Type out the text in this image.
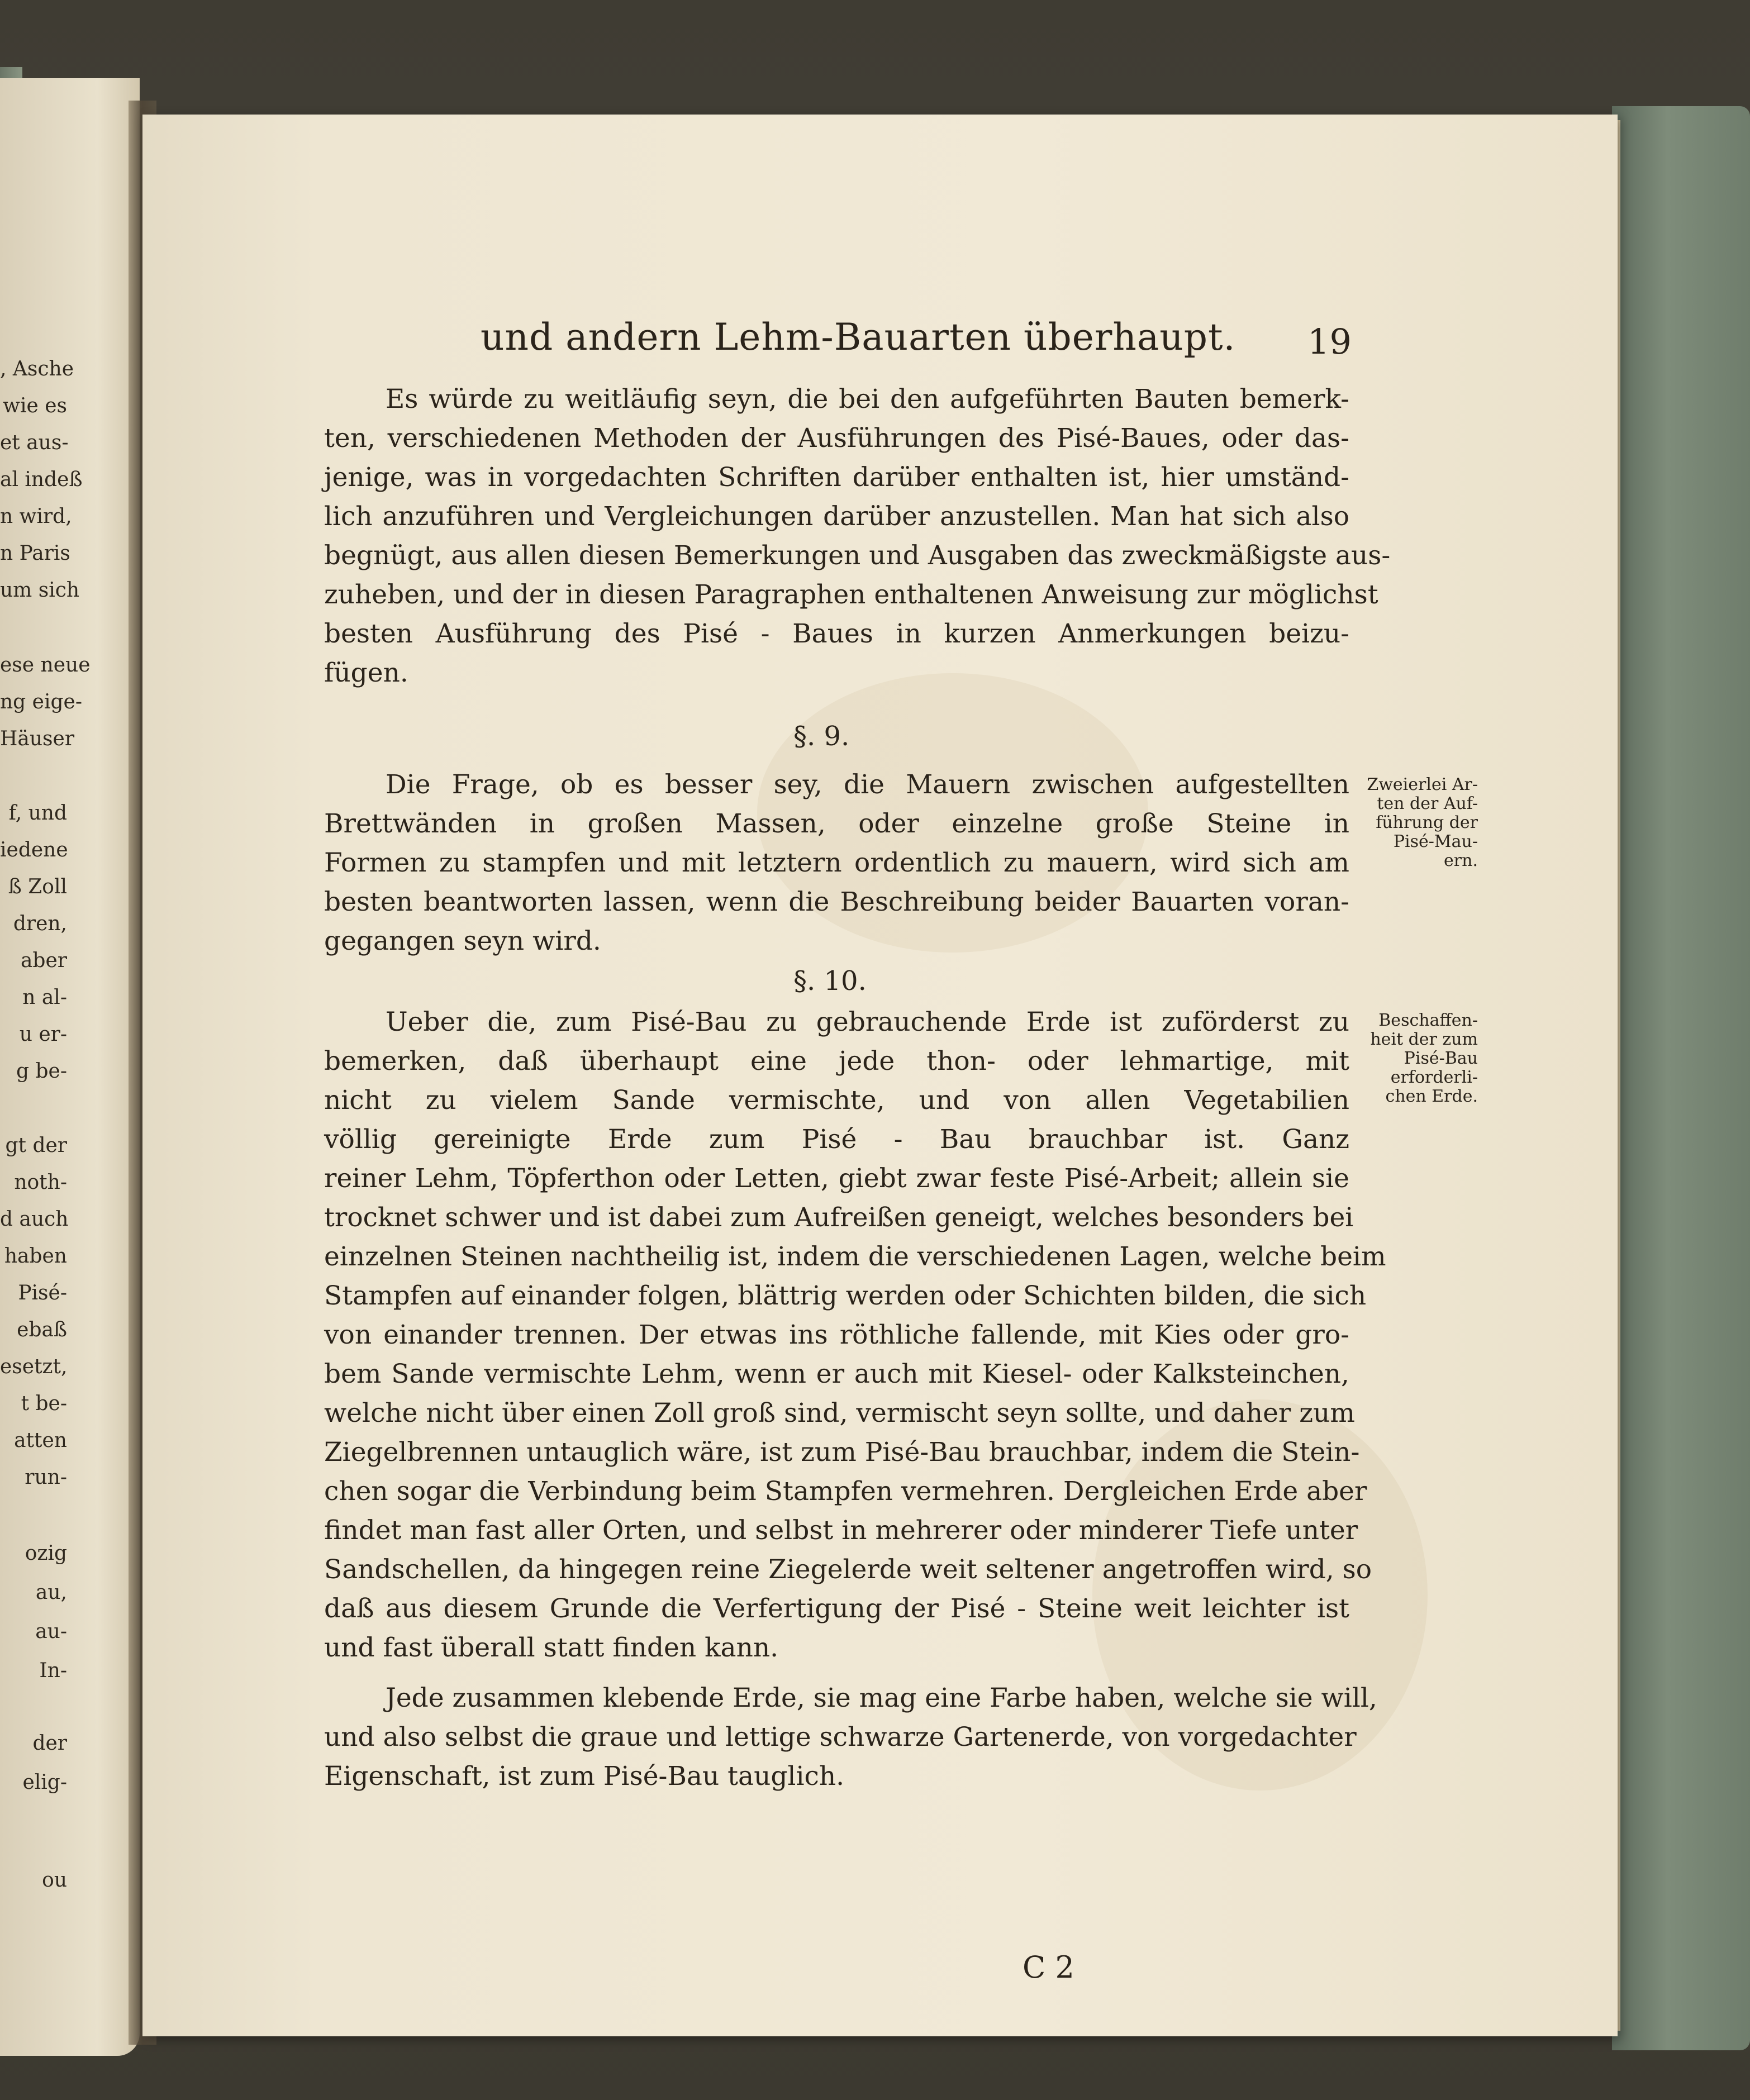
, Asche
wie es
et aus-
al indeß
n wird,
n Paris
um sich
ese neue
ng eige-
Häuser
f, und
iedene
ß Zoll
dren,
aber
n al-
u er-
g be-
gt der
noth-
d auch
haben
Pisé-
ebaß
esetzt,
t be-
atten
run-
ozig
au,
au-
In-
der
elig-
ou
und andern Lehm-Bauarten überhaupt. 19
Es würde zu weitläufig seyn, die bei den aufgeführten Bauten bemerk-
ten, verschiedenen Methoden der Ausführungen des Pisé-Baues, oder das-
jenige, was in vorgedachten Schriften darüber enthalten ist, hier umständ-
lich anzuführen und Vergleichungen darüber anzustellen. Man hat sich also
begnügt, aus allen diesen Bemerkungen und Ausgaben das zweckmäßigste aus-
zuheben, und der in diesen Paragraphen enthaltenen Anweisung zur möglichst
besten Ausführung des Pisé - Baues in kurzen Anmerkungen beizu-
fügen.
§. 9.
Die Frage, ob es besser sey, die Mauern zwischen aufgestellten
Brettwänden in großen Massen, oder einzelne große Steine in
Formen zu stampfen und mit letztern ordentlich zu mauern, wird sich am
besten beantworten lassen, wenn die Beschreibung beider Bauarten voran-
gegangen seyn wird.
Zweierlei Ar-
ten der Auf-
führung der
Pisé-Mau-
ern.
§. 10.
Ueber die, zum Pisé-Bau zu gebrauchende Erde ist zuförderst zu
bemerken, daß überhaupt eine jede thon- oder lehmartige, mit
nicht zu vielem Sande vermischte, und von allen Vegetabilien
völlig gereinigte Erde zum Pisé - Bau brauchbar ist. Ganz
reiner Lehm, Töpferthon oder Letten, giebt zwar feste Pisé-Arbeit; allein sie
trocknet schwer und ist dabei zum Aufreißen geneigt, welches besonders bei
einzelnen Steinen nachtheilig ist, indem die verschiedenen Lagen, welche beim
Stampfen auf einander folgen, blättrig werden oder Schichten bilden, die sich
von einander trennen. Der etwas ins röthliche fallende, mit Kies oder gro-
bem Sande vermischte Lehm, wenn er auch mit Kiesel- oder Kalksteinchen,
welche nicht über einen Zoll groß sind, vermischt seyn sollte, und daher zum
Ziegelbrennen untauglich wäre, ist zum Pisé-Bau brauchbar, indem die Stein-
chen sogar die Verbindung beim Stampfen vermehren. Dergleichen Erde aber
findet man fast aller Orten, und selbst in mehrerer oder minderer Tiefe unter
Sandschellen, da hingegen reine Ziegelerde weit seltener angetroffen wird, so
daß aus diesem Grunde die Verfertigung der Pisé - Steine weit leichter ist
und fast überall statt finden kann.
Beschaffen-
heit der zum
Pisé-Bau
erforderli-
chen Erde.
Jede zusammen klebende Erde, sie mag eine Farbe haben, welche sie will,
und also selbst die graue und lettige schwarze Gartenerde, von vorgedachter
Eigenschaft, ist zum Pisé-Bau tauglich.
C 2
